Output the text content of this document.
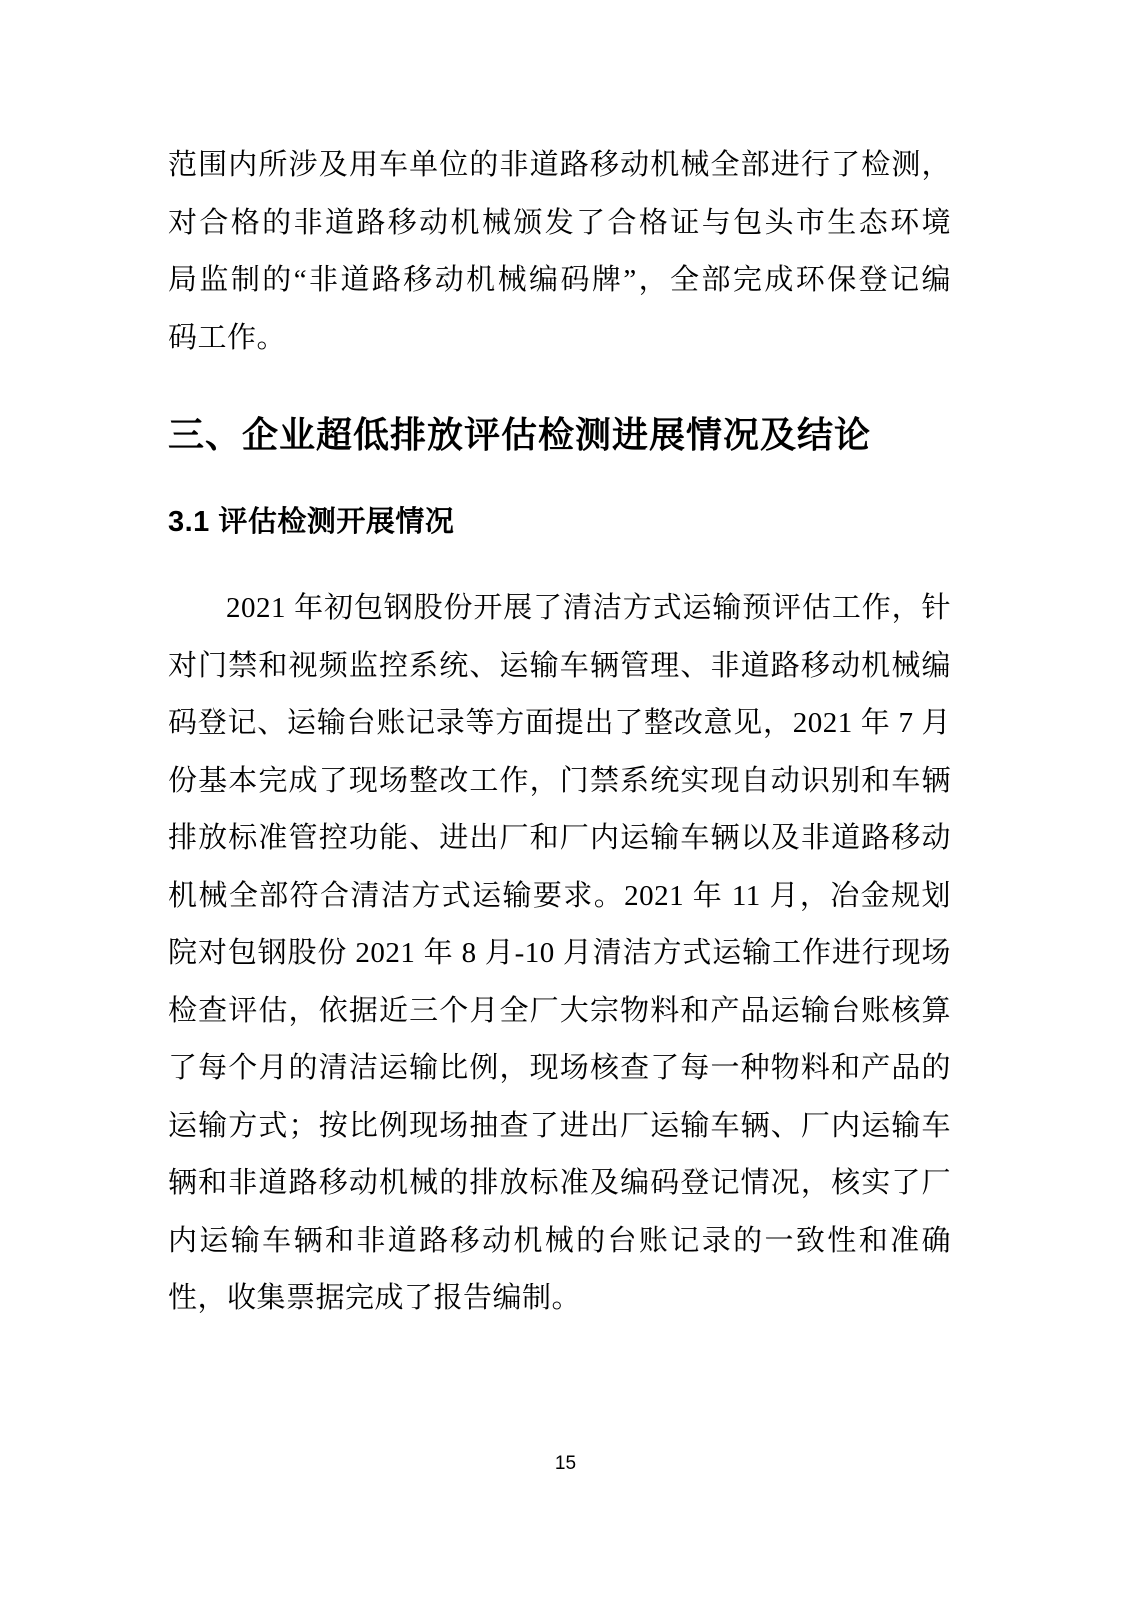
范围内所涉及用车单位的非道路移动机械全部进行了检测，
对合格的非道路移动机械颁发了合格证与包头市生态环境
局监制的“非道路移动机械编码牌”，全部完成环保登记编
码工作。
三、企业超低排放评估检测进展情况及结论
3.1 评估检测开展情况
2021 年初包钢股份开展了清洁方式运输预评估工作，针
对门禁和视频监控系统、运输车辆管理、非道路移动机械编
码登记、运输台账记录等方面提出了整改意见，2021 年 7 月
份基本完成了现场整改工作，门禁系统实现自动识别和车辆
排放标准管控功能、进出厂和厂内运输车辆以及非道路移动
机械全部符合清洁方式运输要求。2021 年 11 月，冶金规划
院对包钢股份 2021 年 8 月-10 月清洁方式运输工作进行现场
检查评估，依据近三个月全厂大宗物料和产品运输台账核算
了每个月的清洁运输比例，现场核查了每一种物料和产品的
运输方式；按比例现场抽查了进出厂运输车辆、厂内运输车
辆和非道路移动机械的排放标准及编码登记情况，核实了厂
内运输车辆和非道路移动机械的台账记录的一致性和准确
性，收集票据完成了报告编制。
15
